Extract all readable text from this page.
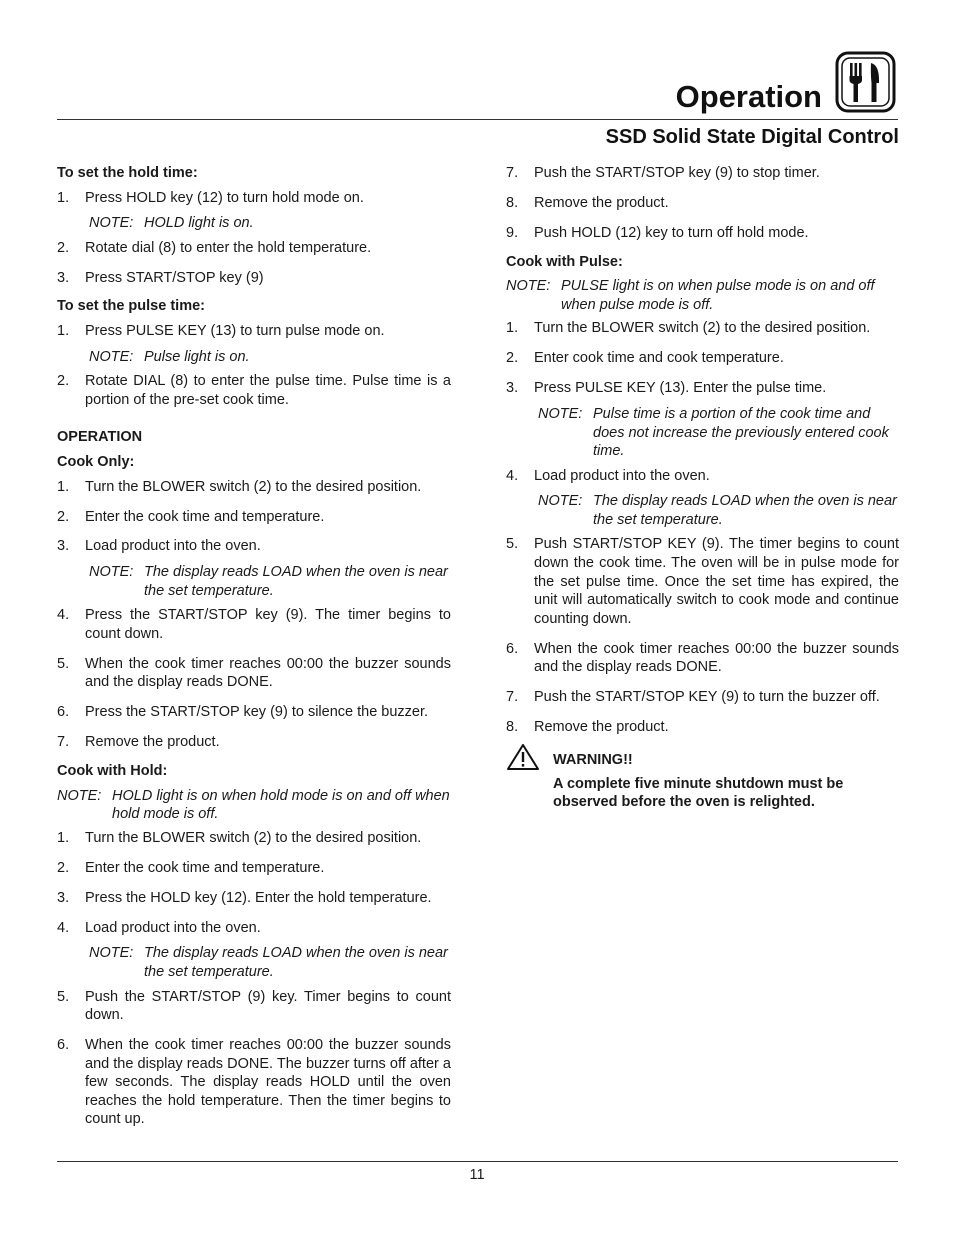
Operation
SSD Solid State Digital Control
To set the hold time:
1. Press HOLD key (12) to turn hold mode on.
NOTE: HOLD light is on.
2. Rotate dial (8) to enter the hold temperature.
3. Press START/STOP key (9)
To set the pulse time:
1. Press PULSE KEY (13) to turn pulse mode on.
NOTE: Pulse light is on.
2. Rotate DIAL (8) to enter the pulse time. Pulse time is a portion of the pre-set cook time.
OPERATION
Cook Only:
1. Turn the BLOWER switch (2) to the desired position.
2. Enter the cook time and temperature.
3. Load product into the oven.
NOTE: The display reads LOAD when the oven is near the set temperature.
4. Press the START/STOP key (9). The timer begins to count down.
5. When the cook timer reaches 00:00 the buzzer sounds and the display reads DONE.
6. Press the START/STOP key (9) to silence the buzzer.
7. Remove the product.
Cook with Hold:
NOTE: HOLD light is on when hold mode is on and off when hold mode is off.
1. Turn the BLOWER switch (2) to the desired position.
2. Enter the cook time and temperature.
3. Press the HOLD key (12). Enter the hold temperature.
4. Load product into the oven.
NOTE: The display reads LOAD when the oven is near the set temperature.
5. Push the START/STOP (9) key. Timer begins to count down.
6. When the cook timer reaches 00:00 the buzzer sounds and the display reads DONE. The buzzer turns off after a few seconds. The display reads HOLD until the oven reaches the hold temperature. Then the timer begins to count up.
7. Push the START/STOP key (9) to stop timer.
8. Remove the product.
9. Push HOLD (12) key to turn off hold mode.
Cook with Pulse:
NOTE: PULSE light is on when pulse mode is on and off when pulse mode is off.
1. Turn the BLOWER switch (2) to the desired position.
2. Enter cook time and cook temperature.
3. Press PULSE KEY (13). Enter the pulse time.
NOTE: Pulse time is a portion of the cook time and does not increase the previously entered cook time.
4. Load product into the oven.
NOTE: The display reads LOAD when the oven is near the set temperature.
5. Push START/STOP KEY (9). The timer begins to count down the cook time. The oven will be in pulse mode for the set pulse time. Once the set time has expired, the unit will automatically switch to cook mode and continue counting down.
6. When the cook timer reaches 00:00 the buzzer sounds and the display reads DONE.
7. Push the START/STOP KEY (9) to turn the buzzer off.
8. Remove the product.
WARNING!!
A complete five minute shutdown must be observed before the oven is relighted.
11
